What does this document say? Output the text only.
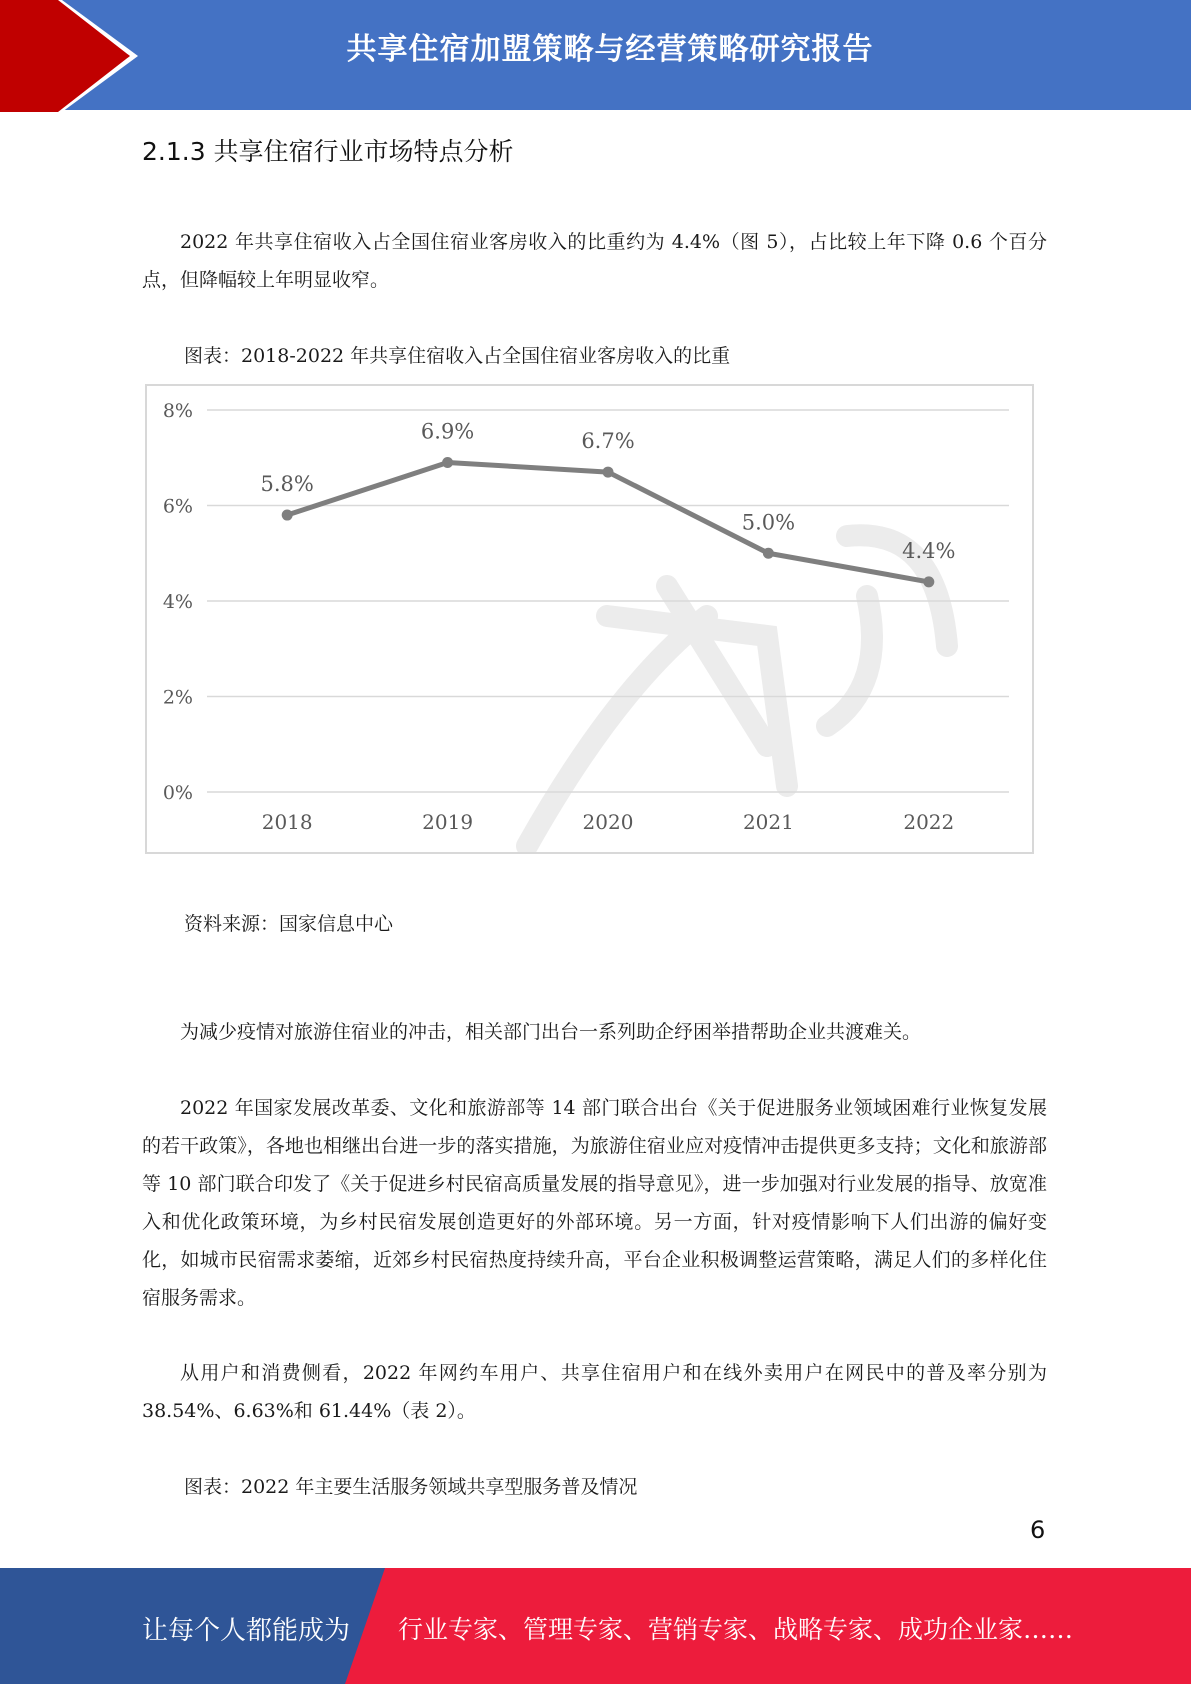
共享住宿加盟策略与经营策略研究报告
2.1.3 共享住宿行业市场特点分析
2022 年共享住宿收入占全国住宿业客房收入的比重约为 4.4%（图 5），占比较上年下降 0.6 个百分点，但降幅较上年明显收窄。
图表：2018-2022 年共享住宿收入占全国住宿业客房收入的比重
0%
2%
4%
6%
8%
2018	2019	2020	2021	2022
5.8%
6.9%	6.7%
5.0%
4.4%
资料来源：国家信息中心
为减少疫情对旅游住宿业的冲击，相关部门出台一系列助企纾困举措帮助企业共渡难关。
2022 年国家发展改革委、文化和旅游部等 14 部门联合出台《关于促进服务业领域困难行业恢复发展的若干政策》，各地也相继出台进一步的落实措施，为旅游住宿业应对疫情冲击提供更多支持；文化和旅游部等 10 部门联合印发了《关于促进乡村民宿高质量发展的指导意见》，进一步加强对行业发展的指导、放宽准入和优化政策环境，为乡村民宿发展创造更好的外部环境。另一方面，针对疫情影响下人们出游的偏好变化，如城市民宿需求萎缩，近郊乡村民宿热度持续升高，平台企业积极调整运营策略，满足人们的多样化住宿服务需求。
从用户和消费侧看，2022 年网约车用户、共享住宿用户和在线外卖用户在网民中的普及率分别为 38.54%、6.63%和 61.44%（表 2）。
图表：2022 年主要生活服务领域共享型服务普及情况
6
让每个人都能成为 行业专家、管理专家、营销专家、战略专家、成功企业家……
